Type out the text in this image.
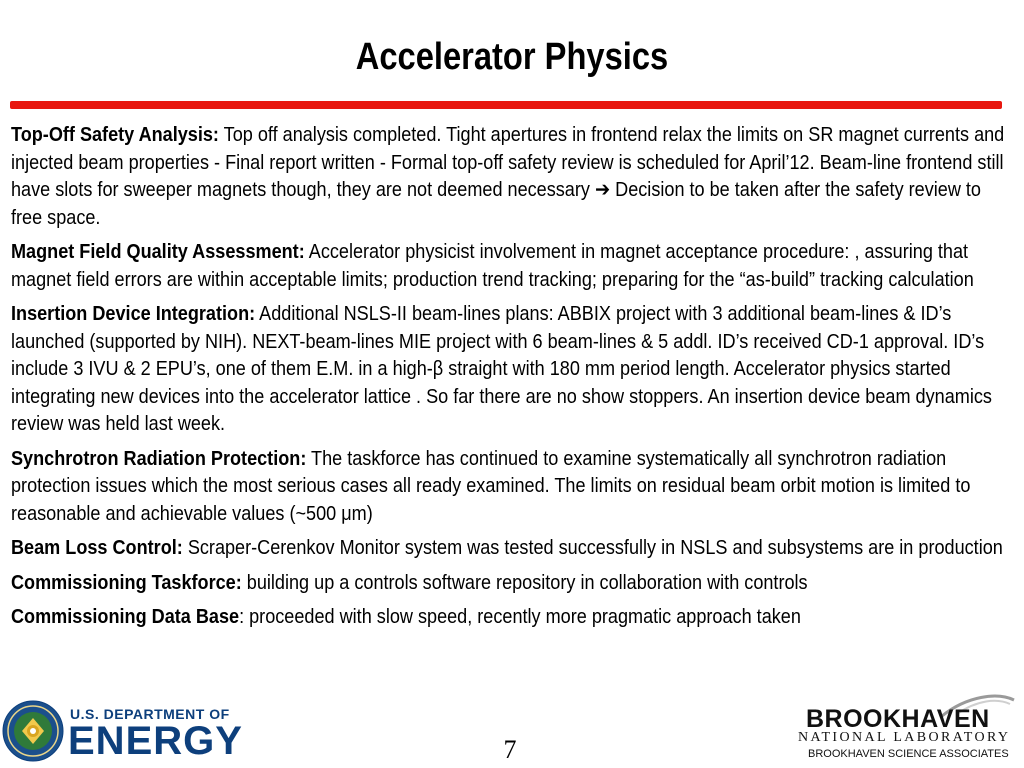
Accelerator Physics

Top-Off Safety Analysis: Top off analysis completed. Tight apertures in frontend relax the limits on SR magnet currents and injected beam properties - Final report written - Formal top-off safety review is scheduled for April’12. Beam-line frontend still have slots for sweeper magnets though, they are not deemed necessary ➔ Decision to be taken after the safety review to free space.

Magnet Field Quality Assessment: Accelerator physicist involvement in magnet acceptance procedure: , assuring that magnet field errors are within acceptable limits; production trend tracking; preparing for the “as-build” tracking calculation

Insertion Device Integration: Additional NSLS-II beam-lines plans: ABBIX project with 3 additional beam-lines & ID’s launched (supported by NIH). NEXT-beam-lines MIE project with 6 beam-lines & 5 addl. ID’s received CD-1 approval. ID’s include 3 IVU & 2 EPU’s, one of them E.M. in a high-β straight with 180 mm period length. Accelerator physics started integrating new devices into the accelerator lattice . So far there are no show stoppers. An insertion device beam dynamics review was held last week.

Synchrotron Radiation Protection: The taskforce has continued to examine systematically all synchrotron radiation protection issues which the most serious cases all ready examined. The limits on residual beam orbit motion is limited to reasonable and achievable values (~500 μm)

Beam Loss Control: Scraper-Cerenkov Monitor system was tested successfully in NSLS and subsystems are in production

Commissioning Taskforce: building up a controls software repository in collaboration with controls

Commissioning Data Base: proceeded with slow speed, recently more pragmatic approach taken

U.S. DEPARTMENT OF
ENERGY	7
BROOKHAVEN
NATIONAL LABORATORY
BROOKHAVEN SCIENCE ASSOCIATES
